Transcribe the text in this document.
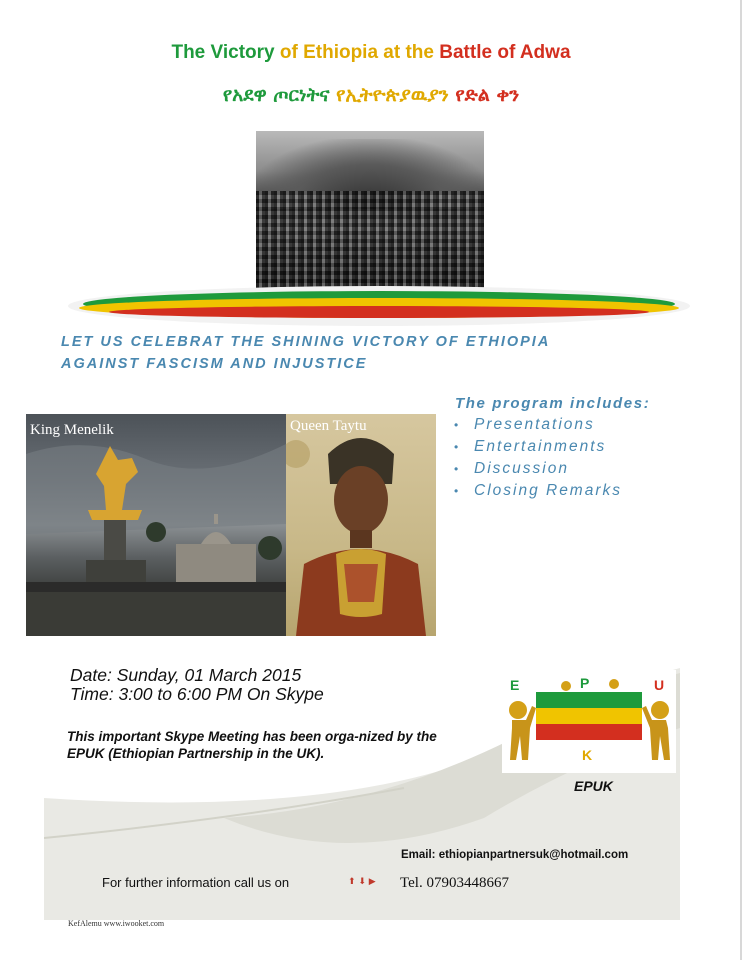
The Victory of Ethiopia at the Battle of Adwa
የአደዋ ጦርነትና የኢትዮጵያዉያን የድል ቀን
LET US CELEBRAT THE SHINING VICTORY OF ETHIOPIA
AGAINST FASCISM AND INJUSTICE
King Menelik	Queen Taytu
The program includes:
• Presentations
• Entertainments
• Discussion
• Closing Remarks
Date: Sunday, 01 March 2015
Time: 3:00 to 6:00 PM On Skype
This important Skype Meeting has been orga-nized by the EPUK (Ethiopian Partnership in the UK).
E	P	U
K
EPUK
Email: ethiopianpartnersuk@hotmail.com
For further information call us on	⬆ ⬇ ▶ Tel. 07903448667
KefAlemu www.iwooket.com
